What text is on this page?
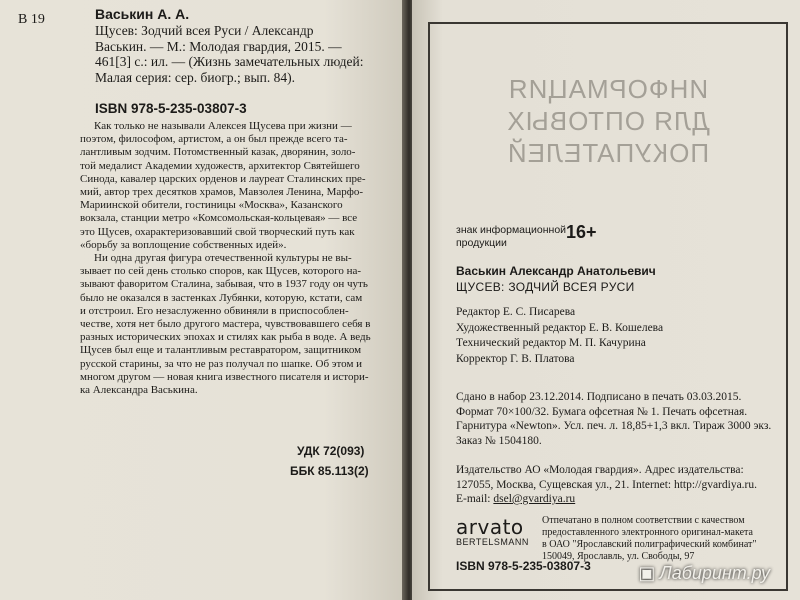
В 19	Васькин А. А.
Щусев: Зодчий всея Руси / Александр
Васькин. — М.: Молодая гвардия, 2015. —
461[3] с.: ил. — (Жизнь замечательных людей:
Малая серия: сер. биогр.; вып. 84).
ISBN 978-5-235-03807-3
Как только не называли Алексея Щусева при жизни —
поэтом, философом, артистом, а он был прежде всего та-
лантливым зодчим. Потомственный казак, дворянин, золо-
той медалист Академии художеств, архитектор Святейшего
Синода, кавалер царских орденов и лауреат Сталинских пре-
мий, автор трех десятков храмов, Мавзолея Ленина, Марфо-
Мариинской обители, гостиницы «Москва», Казанского
вокзала, станции метро «Комсомольская-кольцевая» — все
это Щусев, охарактеризовавший свой творческий путь как
«борьбу за воплощение собственных идей».
Ни одна другая фигура отечественной культуры не вы-
зывает по сей день столько споров, как Щусев, которого на-
зывают фаворитом Сталина, забывая, что в 1937 году он чуть
было не оказался в застенках Лубянки, которую, кстати, сам
и отстроил. Его незаслуженно обвиняли в приспособлен-
честве, хотя нет было другого мастера, чувствовавшего себя в
разных исторических эпохах и стилях как рыба в воде. А ведь
Щусев был еще и талантливым реставратором, защитником
русской старины, за что не раз получал по шапке. Об этом и
многом другом — новая книга известного писателя и истори-
ка Александра Васькина.
УДК 72(093)
ББК 85.113(2)
ИНФОРМАЦИЯ
ДЛЯ ОПТОВЫХ
ПОКУПАТЕЛЕЙ
знак информационной
продукции
16+
Васькин Александр Анатольевич
ЩУСЕВ: ЗОДЧИЙ ВСЕЯ РУСИ
Редактор Е. С. Писарева
Художественный редактор Е. В. Кошелева
Технический редактор М. П. Качурина
Корректор Г. В. Платова
Сдано в набор 23.12.2014. Подписано в печать 03.03.2015.
Формат 70×100/32. Бумага офсетная № 1. Печать офсетная.
Гарнитура «Newton». Усл. печ. л. 18,85+1,3 вкл. Тираж 3000 экз.
Заказ № 1504180.
Издательство АО «Молодая гвардия». Адрес издательства:
127055, Москва, Сущевская ул., 21. Internet: http://gvardiya.ru.
E-mail: dsel@gvardiya.ru
arvato
BERTELSMANN
Отпечатано в полном соответствии с качеством
предоставленного электронного оригинал-макета
в ОАО "Ярославский полиграфический комбинат"
150049, Ярославль, ул. Свободы, 97
ISBN 978-5-235-03807-3	▣ Лабиринт.ру
